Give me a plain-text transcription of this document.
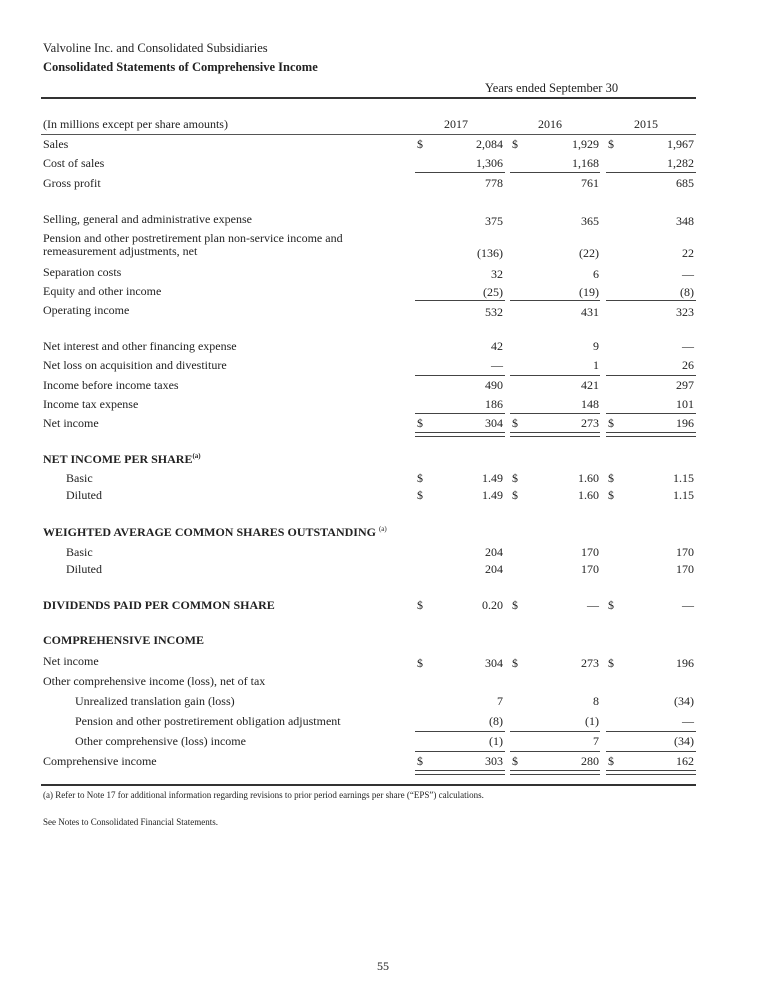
Valvoline Inc. and Consolidated Subsidiaries
Consolidated Statements of Comprehensive Income
Years ended September 30
(In millions except per share amounts)	2017	2016	2015
Sales	$	2,084 $	1,929 $	1,967
Cost of sales	1,306	1,168	1,282
Gross profit	778	761	685
Selling, general and administrative expense	375	365	348
Pension and other postretirement plan non-service income and
remeasurement adjustments, net	(136)	(22)	22
Separation costs	32	6	—
Equity and other income	(25)	(19)	(8)
Operating income	532	431	323
Net interest and other financing expense	42	9	—
Net loss on acquisition and divestiture	—	1	26
Income before income taxes	490	421	297
Income tax expense	186	148	101
Net income	$	304 $	273 $	196
NET INCOME PER SHARE$^{(a)}$
Basic	$	1.49 $	1.60 $	1.15
Diluted	$	1.49 $	1.60 $	1.15
WEIGHTED AVERAGE COMMON SHARES OUTSTANDING $^{(a)}$
Basic	204	170	170
Diluted	204	170	170
DIVIDENDS PAID PER COMMON SHARE	$	0.20 $	— $	—
COMPREHENSIVE INCOME
Net income	$	304 $	273 $	196
Other comprehensive income (loss), net of tax
Unrealized translation gain (loss)	7	8	(34)
Pension and other postretirement obligation adjustment	(8)	(1)	—
Other comprehensive (loss) income	(1)	7	(34)
Comprehensive income	$	303 $	280 $	162
(a) Refer to Note 17 for additional information regarding revisions to prior period earnings per share (“EPS”) calculations.
See Notes to Consolidated Financial Statements.
55
